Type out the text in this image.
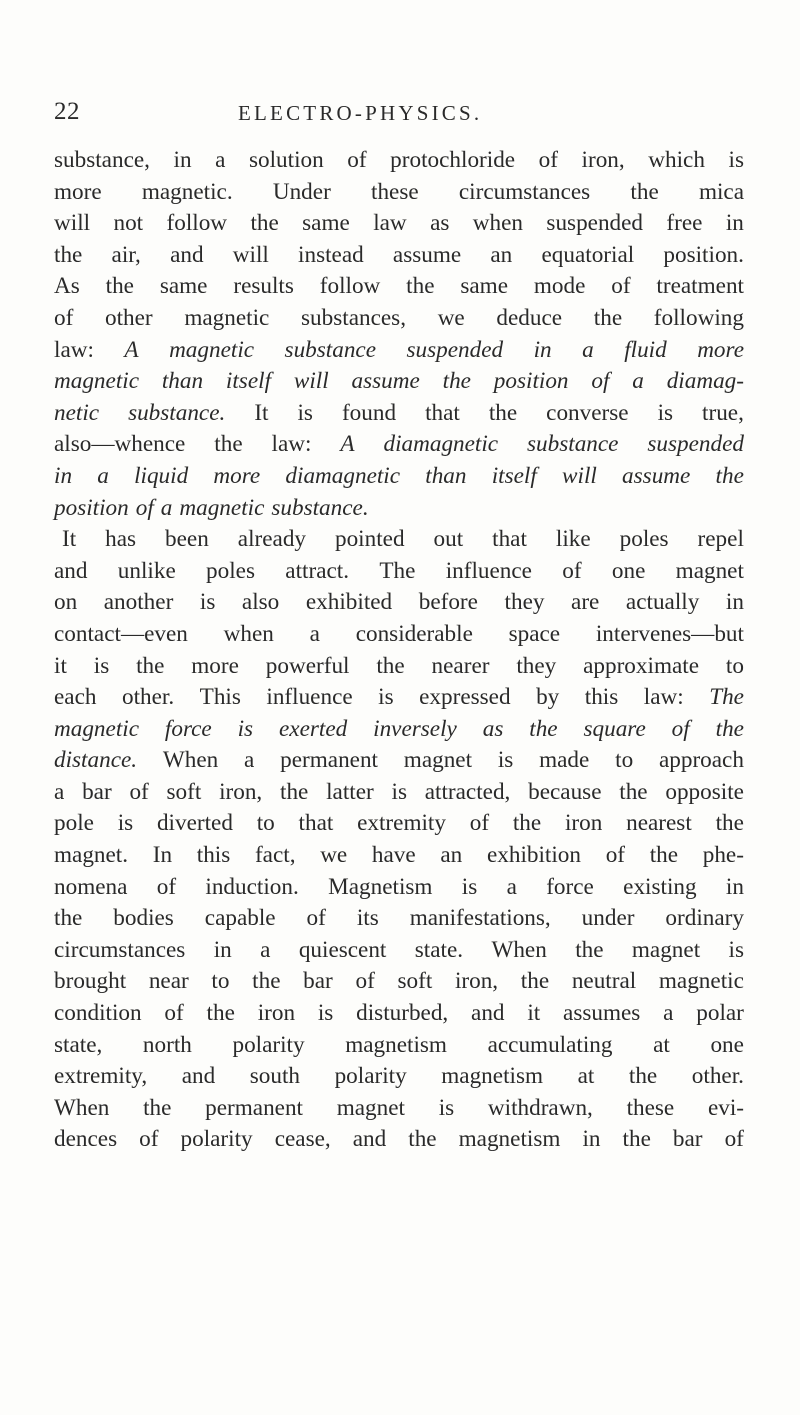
22	ELECTRO-PHYSICS.
substance, in a solution of protochloride of iron, which is
more magnetic. Under these circumstances the mica
will not follow the same law as when suspended free in
the air, and will instead assume an equatorial position.
As the same results follow the same mode of treatment
of other magnetic substances, we deduce the following
law: A magnetic substance suspended in a fluid more
magnetic than itself will assume the position of a diamag-
netic substance. It is found that the converse is true,
also—whence the law: A diamagnetic substance suspended
in a liquid more diamagnetic than itself will assume the
position of a magnetic substance.
It has been already pointed out that like poles repel
and unlike poles attract. The influence of one magnet
on another is also exhibited before they are actually in
contact—even when a considerable space intervenes—but
it is the more powerful the nearer they approximate to
each other. This influence is expressed by this law: The
magnetic force is exerted inversely as the square of the
distance. When a permanent magnet is made to approach
a bar of soft iron, the latter is attracted, because the opposite
pole is diverted to that extremity of the iron nearest the
magnet. In this fact, we have an exhibition of the phe-
nomena of induction. Magnetism is a force existing in
the bodies capable of its manifestations, under ordinary
circumstances in a quiescent state. When the magnet is
brought near to the bar of soft iron, the neutral magnetic
condition of the iron is disturbed, and it assumes a polar
state, north polarity magnetism accumulating at one
extremity, and south polarity magnetism at the other.
When the permanent magnet is withdrawn, these evi-
dences of polarity cease, and the magnetism in the bar of
